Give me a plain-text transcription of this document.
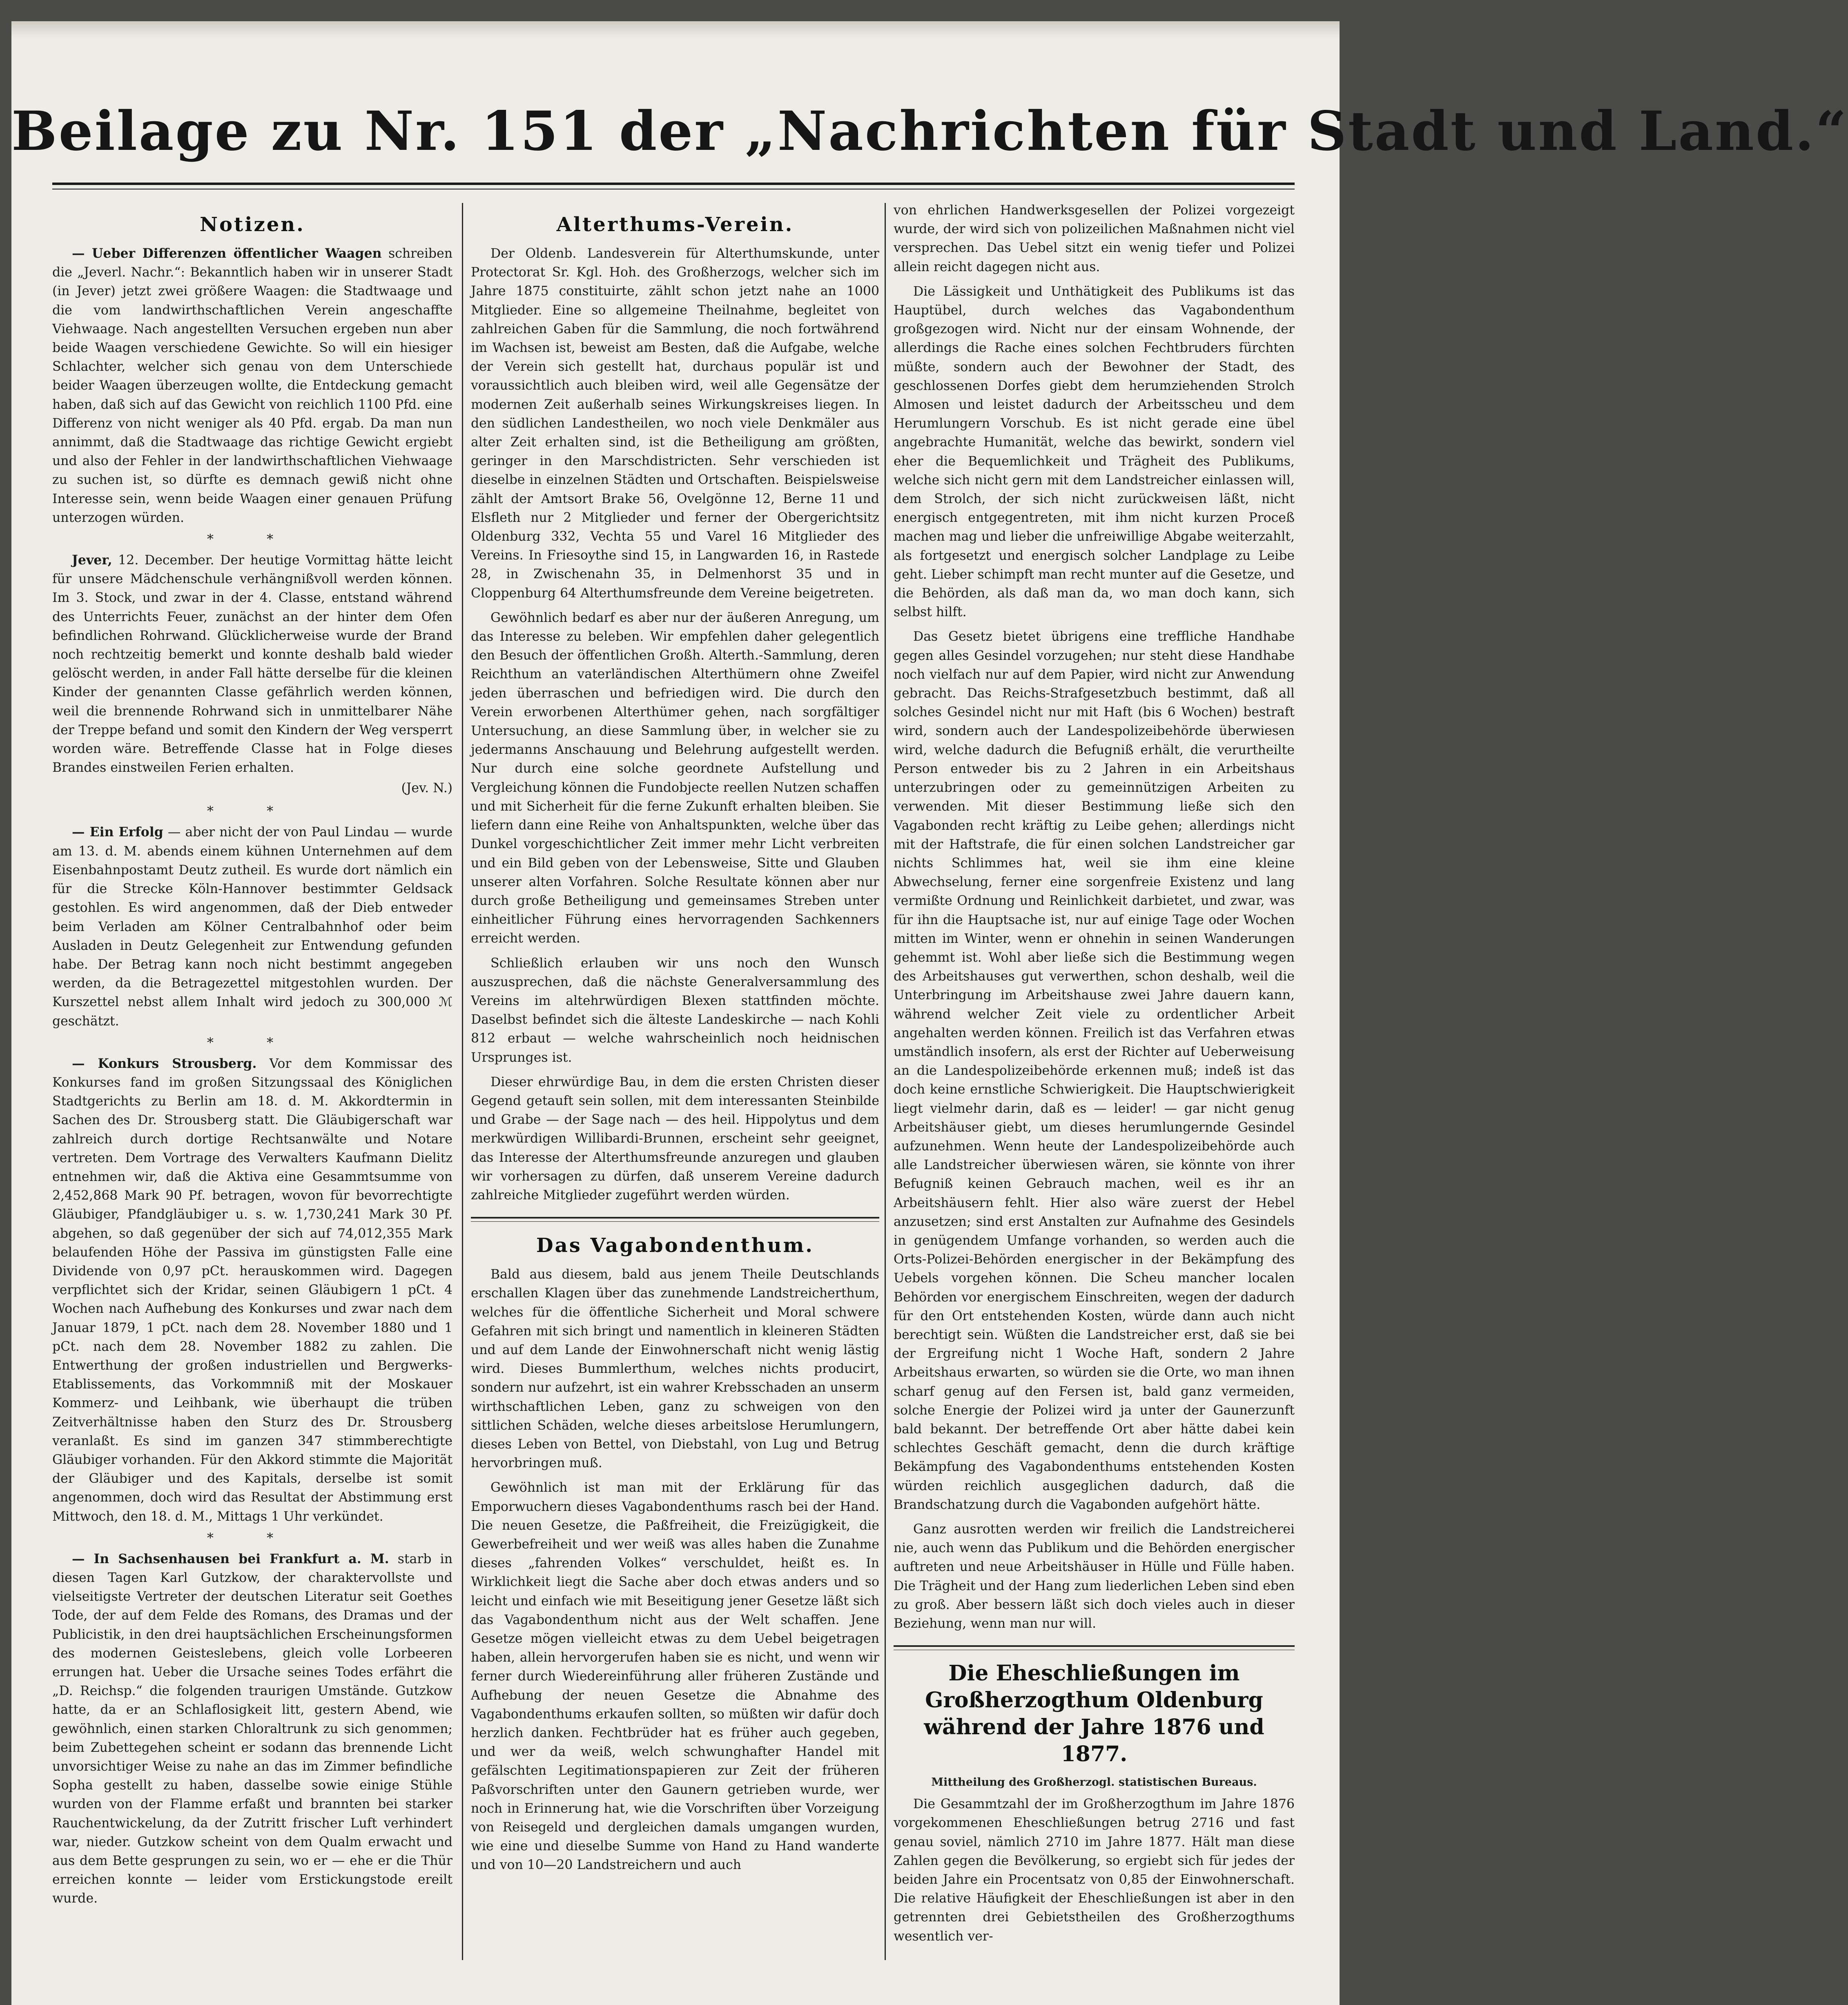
Beilage zu Nr. 151 der „Nachrichten für Stadt und Land.“
Notizen.

— Ueber Differenzen öffentlicher Waagen schreiben die „Jeverl. Nachr.“: Bekanntlich haben wir in unserer Stadt (in Jever) jetzt zwei größere Waagen: die Stadtwaage und die vom landwirthschaftlichen Verein angeschaffte Viehwaage. Nach angestellten Versuchen ergeben nun aber beide Waagen verschiedene Gewichte. So will ein hiesiger Schlachter, welcher sich genau von dem Unterschiede beider Waagen überzeugen wollte, die Entdeckung gemacht haben, daß sich auf das Gewicht von reichlich 1100 Pfd. eine Differenz von nicht weniger als 40 Pfd. ergab. Da man nun annimmt, daß die Stadtwaage das richtige Gewicht ergiebt und also der Fehler in der landwirthschaftlichen Viehwaage zu suchen ist, so dürfte es demnach gewiß nicht ohne Interesse sein, wenn beide Waagen einer genauen Prüfung unterzogen würden.

* *

Jever, 12. December. Der heutige Vormittag hätte leicht für unsere Mädchenschule verhängnißvoll werden können. Im 3. Stock, und zwar in der 4. Classe, entstand während des Unterrichts Feuer, zunächst an der hinter dem Ofen befindlichen Rohrwand. Glücklicherweise wurde der Brand noch rechtzeitig bemerkt und konnte deshalb bald wieder gelöscht werden, in ander Fall hätte derselbe für die kleinen Kinder der genannten Classe gefährlich werden können, weil die brennende Rohrwand sich in unmittelbarer Nähe der Treppe befand und somit den Kindern der Weg versperrt worden wäre. Betreffende Classe hat in Folge dieses Brandes einstweilen Ferien erhalten.

(Jev. N.)
* *

— Ein Erfolg — aber nicht der von Paul Lindau — wurde am 13. d. M. abends einem kühnen Unternehmen auf dem Eisenbahnpostamt Deutz zutheil. Es wurde dort nämlich ein für die Strecke Köln-Hannover bestimmter Geldsack gestohlen. Es wird angenommen, daß der Dieb entweder beim Verladen am Kölner Centralbahnhof oder beim Ausladen in Deutz Gelegenheit zur Entwendung gefunden habe. Der Betrag kann noch nicht bestimmt angegeben werden, da die Betragezettel mitgestohlen wurden. Der Kurszettel nebst allem Inhalt wird jedoch zu 300,000 ℳ geschätzt.

* *

— Konkurs Strousberg. Vor dem Kommissar des Konkurses fand im großen Sitzungssaal des Königlichen Stadtgerichts zu Berlin am 18. d. M. Akkordtermin in Sachen des Dr. Strousberg statt. Die Gläubigerschaft war zahlreich durch dortige Rechtsanwälte und Notare vertreten. Dem Vortrage des Verwalters Kaufmann Dielitz entnehmen wir, daß die Aktiva eine Gesammtsumme von 2,452,868 Mark 90 Pf. betragen, wovon für bevorrechtigte Gläubiger, Pfandgläubiger u. s. w. 1,730,241 Mark 30 Pf. abgehen, so daß gegenüber der sich auf 74,012,355 Mark belaufenden Höhe der Passiva im günstigsten Falle eine Dividende von 0,97 pCt. herauskommen wird. Dagegen verpflichtet sich der Kridar, seinen Gläubigern 1 pCt. 4 Wochen nach Aufhebung des Konkurses und zwar nach dem Januar 1879, 1 pCt. nach dem 28. November 1880 und 1 pCt. nach dem 28. November 1882 zu zahlen. Die Entwerthung der großen industriellen und Bergwerks-Etablissements, das Vorkommniß mit der Moskauer Kommerz- und Leihbank, wie überhaupt die trüben Zeitverhältnisse haben den Sturz des Dr. Strousberg veranlaßt. Es sind im ganzen 347 stimmberechtigte Gläubiger vorhanden. Für den Akkord stimmte die Majorität der Gläubiger und des Kapitals, derselbe ist somit angenommen, doch wird das Resultat der Abstimmung erst Mittwoch, den 18. d. M., Mittags 1 Uhr verkündet.

* *

— In Sachsenhausen bei Frankfurt a. M. starb in diesen Tagen Karl Gutzkow, der charaktervollste und vielseitigste Vertreter der deutschen Literatur seit Goethes Tode, der auf dem Felde des Romans, des Dramas und der Publicistik, in den drei hauptsächlichen Erscheinungsformen des modernen Geisteslebens, gleich volle Lorbeeren errungen hat. Ueber die Ursache seines Todes erfährt die „D. Reichsp.“ die folgenden traurigen Umstände. Gutzkow hatte, da er an Schlaflosigkeit litt, gestern Abend, wie gewöhnlich, einen starken Chloraltrunk zu sich genommen; beim Zubettegehen scheint er sodann das brennende Licht unvorsichtiger Weise zu nahe an das im Zimmer befindliche Sopha gestellt zu haben, dasselbe sowie einige Stühle wurden von der Flamme erfaßt und brannten bei starker Rauchentwickelung, da der Zutritt frischer Luft verhindert war, nieder. Gutzkow scheint von dem Qualm erwacht und aus dem Bette gesprungen zu sein, wo er — ehe er die Thür erreichen konnte — leider vom Erstickungstode ereilt wurde.

Alterthums-Verein.

Der Oldenb. Landesverein für Alterthumskunde, unter Protectorat Sr. Kgl. Hoh. des Großherzogs, welcher sich im Jahre 1875 constituirte, zählt schon jetzt nahe an 1000 Mitglieder. Eine so allgemeine Theilnahme, begleitet von zahlreichen Gaben für die Sammlung, die noch fortwährend im Wachsen ist, beweist am Besten, daß die Aufgabe, welche der Verein sich gestellt hat, durchaus populär ist und voraussichtlich auch bleiben wird, weil alle Gegensätze der modernen Zeit außerhalb seines Wirkungskreises liegen. In den südlichen Landestheilen, wo noch viele Denkmäler aus alter Zeit erhalten sind, ist die Betheiligung am größten, geringer in den Marschdistricten. Sehr verschieden ist dieselbe in einzelnen Städten und Ortschaften. Beispielsweise zählt der Amtsort Brake 56, Ovelgönne 12, Berne 11 und Elsfleth nur 2 Mitglieder und ferner der Obergerichtsitz Oldenburg 332, Vechta 55 und Varel 16 Mitglieder des Vereins. In Friesoythe sind 15, in Langwarden 16, in Rastede 28, in Zwischenahn 35, in Delmenhorst 35 und in Cloppenburg 64 Alterthumsfreunde dem Vereine beigetreten.

Gewöhnlich bedarf es aber nur der äußeren Anregung, um das Interesse zu beleben. Wir empfehlen daher gelegentlich den Besuch der öffentlichen Großh. Alterth.-Sammlung, deren Reichthum an vaterländischen Alterthümern ohne Zweifel jeden überraschen und befriedigen wird. Die durch den Verein erworbenen Alterthümer gehen, nach sorgfältiger Untersuchung, an diese Sammlung über, in welcher sie zu jedermanns Anschauung und Belehrung aufgestellt werden. Nur durch eine solche geordnete Aufstellung und Vergleichung können die Fundobjecte reellen Nutzen schaffen und mit Sicherheit für die ferne Zukunft erhalten bleiben. Sie liefern dann eine Reihe von Anhaltspunkten, welche über das Dunkel vorgeschichtlicher Zeit immer mehr Licht verbreiten und ein Bild geben von der Lebensweise, Sitte und Glauben unserer alten Vorfahren. Solche Resultate können aber nur durch große Betheiligung und gemeinsames Streben unter einheitlicher Führung eines hervorragenden Sachkenners erreicht werden.

Schließlich erlauben wir uns noch den Wunsch auszusprechen, daß die nächste Generalversammlung des Vereins im altehrwürdigen Blexen stattfinden möchte. Daselbst befindet sich die älteste Landeskirche — nach Kohli 812 erbaut — welche wahrscheinlich noch heidnischen Ursprunges ist.

Dieser ehrwürdige Bau, in dem die ersten Christen dieser Gegend getauft sein sollen, mit dem interessanten Steinbilde und Grabe — der Sage nach — des heil. Hippolytus und dem merkwürdigen Willibardi-Brunnen, erscheint sehr geeignet, das Interesse der Alterthumsfreunde anzuregen und glauben wir vorhersagen zu dürfen, daß unserem Vereine dadurch zahlreiche Mitglieder zugeführt werden würden.

Das Vagabondenthum.

Bald aus diesem, bald aus jenem Theile Deutschlands erschallen Klagen über das zunehmende Landstreicherthum, welches für die öffentliche Sicherheit und Moral schwere Gefahren mit sich bringt und namentlich in kleineren Städten und auf dem Lande der Einwohnerschaft nicht wenig lästig wird. Dieses Bummlerthum, welches nichts producirt, sondern nur aufzehrt, ist ein wahrer Krebsschaden an unserm wirthschaftlichen Leben, ganz zu schweigen von den sittlichen Schäden, welche dieses arbeitslose Herumlungern, dieses Leben von Bettel, von Diebstahl, von Lug und Betrug hervorbringen muß.

Gewöhnlich ist man mit der Erklärung für das Emporwuchern dieses Vagabondenthums rasch bei der Hand. Die neuen Gesetze, die Paßfreiheit, die Freizügigkeit, die Gewerbefreiheit und wer weiß was alles haben die Zunahme dieses „fahrenden Volkes“ verschuldet, heißt es. In Wirklichkeit liegt die Sache aber doch etwas anders und so leicht und einfach wie mit Beseitigung jener Gesetze läßt sich das Vagabondenthum nicht aus der Welt schaffen. Jene Gesetze mögen vielleicht etwas zu dem Uebel beigetragen haben, allein hervorgerufen haben sie es nicht, und wenn wir ferner durch Wiedereinführung aller früheren Zustände und Aufhebung der neuen Gesetze die Abnahme des Vagabondenthums erkaufen sollten, so müßten wir dafür doch herzlich danken. Fechtbrüder hat es früher auch gegeben, und wer da weiß, welch schwunghafter Handel mit gefälschten Legitimationspapieren zur Zeit der früheren Paßvorschriften unter den Gaunern getrieben wurde, wer noch in Erinnerung hat, wie die Vorschriften über Vorzeigung von Reisegeld und dergleichen damals umgangen wurden, wie eine und dieselbe Summe von Hand zu Hand wanderte und von 10—20 Landstreichern und auch

von ehrlichen Handwerksgesellen der Polizei vorgezeigt wurde, der wird sich von polizeilichen Maßnahmen nicht viel versprechen. Das Uebel sitzt ein wenig tiefer und Polizei allein reicht dagegen nicht aus.

Die Lässigkeit und Unthätigkeit des Publikums ist das Hauptübel, durch welches das Vagabondenthum großgezogen wird. Nicht nur der einsam Wohnende, der allerdings die Rache eines solchen Fechtbruders fürchten müßte, sondern auch der Bewohner der Stadt, des geschlossenen Dorfes giebt dem herumziehenden Strolch Almosen und leistet dadurch der Arbeitsscheu und dem Herumlungern Vorschub. Es ist nicht gerade eine übel angebrachte Humanität, welche das bewirkt, sondern viel eher die Bequemlichkeit und Trägheit des Publikums, welche sich nicht gern mit dem Landstreicher einlassen will, dem Strolch, der sich nicht zurückweisen läßt, nicht energisch entgegentreten, mit ihm nicht kurzen Proceß machen mag und lieber die unfreiwillige Abgabe weiterzahlt, als fortgesetzt und energisch solcher Landplage zu Leibe geht. Lieber schimpft man recht munter auf die Gesetze, und die Behörden, als daß man da, wo man doch kann, sich selbst hilft.

Das Gesetz bietet übrigens eine treffliche Handhabe gegen alles Gesindel vorzugehen; nur steht diese Handhabe noch vielfach nur auf dem Papier, wird nicht zur Anwendung gebracht. Das Reichs-Strafgesetzbuch bestimmt, daß all solches Gesindel nicht nur mit Haft (bis 6 Wochen) bestraft wird, sondern auch der Landespolizeibehörde überwiesen wird, welche dadurch die Befugniß erhält, die verurtheilte Person entweder bis zu 2 Jahren in ein Arbeitshaus unterzubringen oder zu gemeinnützigen Arbeiten zu verwenden. Mit dieser Bestimmung ließe sich den Vagabonden recht kräftig zu Leibe gehen; allerdings nicht mit der Haftstrafe, die für einen solchen Landstreicher gar nichts Schlimmes hat, weil sie ihm eine kleine Abwechselung, ferner eine sorgenfreie Existenz und lang vermißte Ordnung und Reinlichkeit darbietet, und zwar, was für ihn die Hauptsache ist, nur auf einige Tage oder Wochen mitten im Winter, wenn er ohnehin in seinen Wanderungen gehemmt ist. Wohl aber ließe sich die Bestimmung wegen des Arbeitshauses gut verwerthen, schon deshalb, weil die Unterbringung im Arbeitshause zwei Jahre dauern kann, während welcher Zeit viele zu ordentlicher Arbeit angehalten werden können. Freilich ist das Verfahren etwas umständlich insofern, als erst der Richter auf Ueberweisung an die Landespolizeibehörde erkennen muß; indeß ist das doch keine ernstliche Schwierigkeit. Die Hauptschwierigkeit liegt vielmehr darin, daß es — leider! — gar nicht genug Arbeitshäuser giebt, um dieses herumlungernde Gesindel aufzunehmen. Wenn heute der Landespolizeibehörde auch alle Landstreicher überwiesen wären, sie könnte von ihrer Befugniß keinen Gebrauch machen, weil es ihr an Arbeitshäusern fehlt. Hier also wäre zuerst der Hebel anzusetzen; sind erst Anstalten zur Aufnahme des Gesindels in genügendem Umfange vorhanden, so werden auch die Orts-Polizei-Behörden energischer in der Bekämpfung des Uebels vorgehen können. Die Scheu mancher localen Behörden vor energischem Einschreiten, wegen der dadurch für den Ort entstehenden Kosten, würde dann auch nicht berechtigt sein. Wüßten die Landstreicher erst, daß sie bei der Ergreifung nicht 1 Woche Haft, sondern 2 Jahre Arbeitshaus erwarten, so würden sie die Orte, wo man ihnen scharf genug auf den Fersen ist, bald ganz vermeiden, solche Energie der Polizei wird ja unter der Gaunerzunft bald bekannt. Der betreffende Ort aber hätte dabei kein schlechtes Geschäft gemacht, denn die durch kräftige Bekämpfung des Vagabondenthums entstehenden Kosten würden reichlich ausgeglichen dadurch, daß die Brandschatzung durch die Vagabonden aufgehört hätte.

Ganz ausrotten werden wir freilich die Landstreicherei nie, auch wenn das Publikum und die Behörden energischer auftreten und neue Arbeitshäuser in Hülle und Fülle haben. Die Trägheit und der Hang zum liederlichen Leben sind eben zu groß. Aber bessern läßt sich doch vieles auch in dieser Beziehung, wenn man nur will.

Die Eheschließungen im Großherzogthum Oldenburg während der Jahre 1876 und 1877.
Mittheilung des Großherzogl. statistischen Bureaus.

Die Gesammtzahl der im Großherzogthum im Jahre 1876 vorgekommenen Eheschließungen betrug 2716 und fast genau soviel, nämlich 2710 im Jahre 1877. Hält man diese Zahlen gegen die Bevölkerung, so ergiebt sich für jedes der beiden Jahre ein Procentsatz von 0,85 der Einwohnerschaft. Die relative Häufigkeit der Eheschließungen ist aber in den getrennten drei Gebietstheilen des Großherzogthums wesentlich ver-
